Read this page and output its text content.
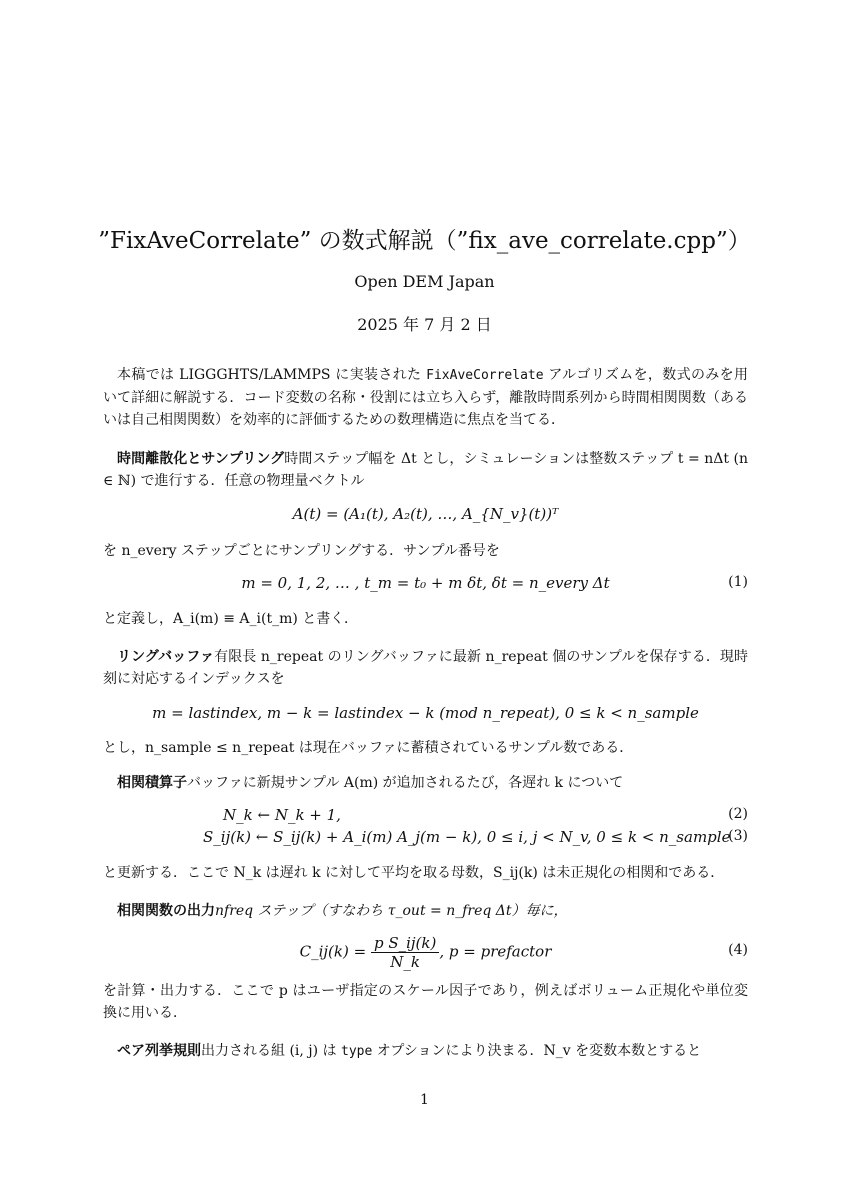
”FixAveCorrelate” の数式解説（”fix_ave_correlate.cpp”）
Open DEM Japan
2025 年 7 月 2 日

本稿では LIGGGHTS/LAMMPS に実装された FixAveCorrelate アルゴリズムを，数式のみを用いて詳細に解説する．コード変数の名称・役割には立ち入らず，離散時間系列から時間相関関数（あるいは自己相関関数）を効率的に評価するための数理構造に焦点を当てる．

時間離散化とサンプリング時間ステップ幅を Δt とし，シミュレーションは整数ステップ t = nΔt (n ∈ ℕ) で進行する．任意の物理量ベクトル

A(t) = (A₁(t), A₂(t), …, A_{N_v}(t))ᵀ

を n_every ステップごとにサンプリングする．サンプル番号を

m = 0, 1, 2, … , t_m = t₀ + m δt, δt = n_every Δt	(1)

と定義し，A_i(m) ≡ A_i(t_m) と書く．

リングバッファ有限長 n_repeat のリングバッファに最新 n_repeat 個のサンプルを保存する．現時刻に対応するインデックスを

m = lastindex, m − k = lastindex − k (mod n_repeat), 0 ≤ k < n_sample

とし，n_sample ≤ n_repeat は現在バッファに蓄積されているサンプル数である．

相関積算子バッファに新規サンプル A(m) が追加されるたび，各遅れ k について

N_k ← N_k + 1,	(2)
S_ij(k) ← S_ij(k) + A_i(m) A_j(m − k), 0 ≤ i, j < N_v, 0 ≤ k < n_sample
(3)

と更新する．ここで N_k は遅れ k に対して平均を取る母数，S_ij(k) は未正規化の相関和である．

相関関数の出力nfreq ステップ（すなわち τ_out = n_freq Δt）毎に，

C_ij(k) = $\frac{\text{p S\_ij(k)}}{N\_k}$ , p = prefactor	(4)

を計算・出力する．ここで p はユーザ指定のスケール因子であり，例えばボリューム正規化や単位変換に用いる．

ペア列挙規則出力される組 (i, j) は type オプションにより決まる．N_v を変数本数とすると

1
